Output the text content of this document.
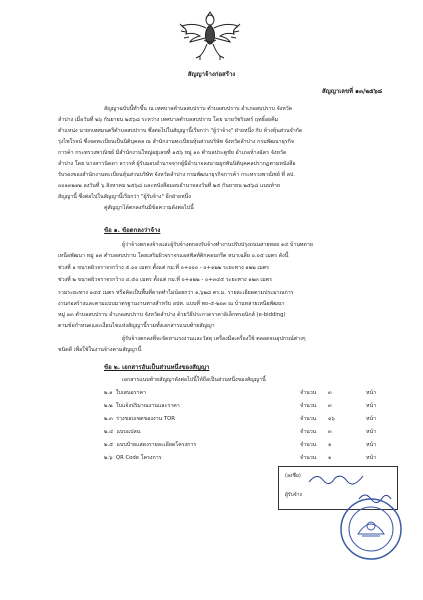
สัญญาจ้างก่อสร้าง
สัญญาเลขที่ ๑๓/๒๕๖๘
สัญญาฉบับนี้ทำขึ้น ณ เทศบาลตำบลสบปราบ ตำบลสบปราบ อำเภอสบปราบ จังหวัด
ลำปาง เมื่อวันที่ ๒๖ กันยายน ๒๕๖๘ ระหว่าง เทศบาลตำบลสบปราบ โดย นายวัชรินทร์ ฤทธิ์อยคีม
ตำแหน่ง นายกเทศมนตรีตำบลสบปราบ ซึ่งต่อไปในสัญญานี้เรียกว่า "ผู้ว่าจ้าง" ฝ่ายหนึ่ง กับ ห้างหุ้นส่วนจำกัด
รุ่งไพโรจน์ ซึ่งจดทะเบียนเป็นนิติบุคคล ณ สำนักงานทะเบียนหุ้นส่วนบริษัท จังหวัดลำปาง กรมพัฒนาธุรกิจ
การค้า กระทรวงพาณิชย์ มีสำนักงานใหญ่อยู่เลขที่ ๑๕๖ หมู่ ๑๐ ตำบลประตูชัย อำเภอห้างฉัตร จังหวัด
ลำปาง โดย นางสาวนิดดา ลาวรศ์ ผู้รับมอบอำนาจจากผู้มีอำนาจลงนามผูกพันนิติบุคคลปรากฏตามหนังสือ
รับรองของสำนักงานทะเบียนหุ้นส่วนบริษัท จังหวัดลำปาง กรมพัฒนาธุรกิจการค้า กระทรวงพาณิชย์ ที่ ลป.
๐๐๑๓๒๑๒ ลงวันที่ ๖ สิงหาคม ๒๕๖๘ และหนังสือมอบอำนาจลงวันที่ ๒๕ กันยายน ๒๕๖๘ แนบท้าย
สัญญานี้ ซึ่งต่อไปในสัญญานี้เรียกว่า "ผู้รับจ้าง" อีกฝ่ายหนึ่ง
คู่สัญญาได้ตกลงกันมีข้อความดังต่อไปนี้
ข้อ ๑. ข้อตกลงว่าจ้าง
ผู้ว่าจ้างตกลงจ้างและผู้รับจ้างตกลงรับจ้างทำงานปรับปรุงถนนสายทอย ๑๔ บ้านทดาย
เหนือพัฒนา หมู่ ๑๓ ตำบลสบปราบ โดยเสริมผิวจราจรแอสฟัลท์ติกคอนกรีต หนาเฉลี่ย ๐.๐๕ เมตร ดังนี้
ช่วงที่ ๑ ขนาดผิวจราจรกว้าง ๕.๐๐ เมตร ตั้งแต่ กม.ที่ ๐+๐๐๐ - ๐+๑๒๒ ระยะทาง ๑๒๒ เมตร
ช่วงที่ ๒ ขนาดผิวจราจรกว้าง ๔.๕๐ เมตร ตั้งแต่ กม.ที่ ๐+๑๒๒ - ๐+๓๔๕ ระยะทาง ๑๒๓ เมตร
รวมระยะทาง ๑๔๕ เมตร หรือคิดเป็นพื้นที่ดาดทำไม่น้อยกว่า ๑,๖๒๘ ตร.ม. รายละเอียดตามประมาณการ
งานก่อสร้างและตามแบบมาตรฐานงานทางสำหรับ อปท. แบบที่ ทถ-๕-๒๐๓ ณ บ้านหล่ายเหนือพัฒนา
หมู่ ๑๓ ตำบลสบปราบ อำเภอสบปราบ จังหวัดลำปาง ด้วยวิธีประกวดราคาอิเล็กทรอนิกส์ (e-bidding)
ตามข้อกำหนดและเงื่อนไขแห่งสัญญานี้รวมทั้งเอกสารแนบท้ายสัญญา
ผู้รับจ้างตกลงที่จะจัดหาแรงงานและวัสดุ เครื่องมือเครื่องใช้ ตลอดจนอุปกรณ์ต่างๆ
ชนิดดี เพื่อใช้ในงานจ้างตามสัญญานี้
ข้อ ๒. เอกสารอันเป็นส่วนหนึ่งของสัญญา
เอกสารแนบท้ายสัญญาดังต่อไปนี้ให้ถือเป็นส่วนหนึ่งของสัญญานี้
๒.๑ ใบเสนอราคา	จำนวน ๓	หน้า
๒.๒ ใบแจ้งปริมาณงานและราคา	จำนวน ๓	หน้า
๒.๓ ร่างขอบเขตของงาน TOR	จำนวน ๑๖	หน้า
๒.๔ แบบแปลน	จำนวน ๓	หน้า
๒.๕ แบบป้ายแสดงรายละเอียดโครงการ	จำนวน ๑	หน้า
๒.๖ QR Code โครงการ	จำนวน ๑	หน้า
(ลงชื่อ)
ผู้รับจ้าง
